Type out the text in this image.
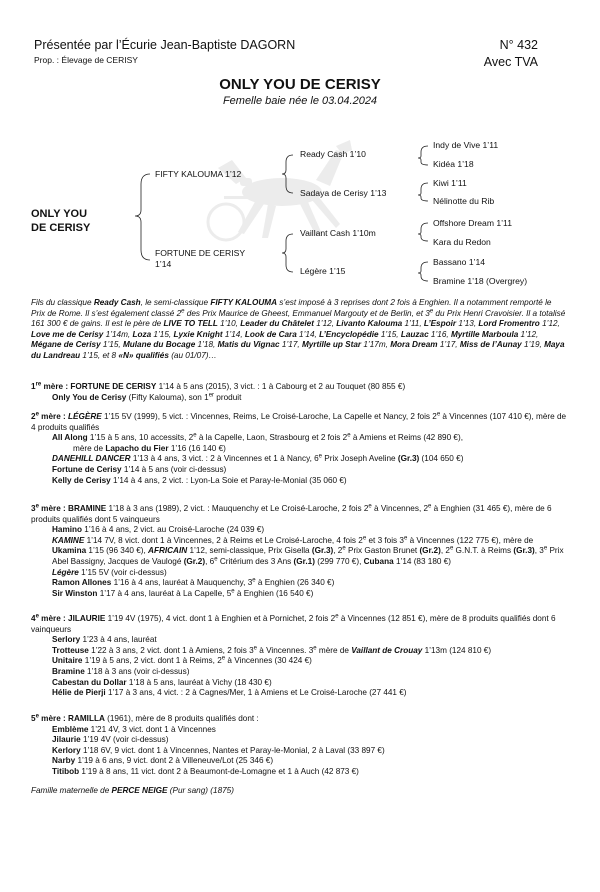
Présentée par l’Écurie Jean-Baptiste DAGORN
Prop. : Élevage de CERISY
N° 432
Avec TVA
ONLY YOU DE CERISY
Femelle baie née le 03.04.2024
ONLY YOU
DE CERISY
FIFTY KALOUMA 1’12
FORTUNE DE CERISY
1’14
Ready Cash 1’10
Sadaya de Cerisy 1’13
Vaillant Cash 1’10m
Légère 1’15
Indy de Vive 1’11
Kidéa 1’18
Kiwi 1’11
Nélinotte du Rib
Offshore Dream 1’11
Kara du Redon
Bassano 1’14
Bramine 1’18 (Overgrey)
Fils du classique Ready Cash, le semi-classique FIFTY KALOUMA s’est imposé à 3 reprises dont 2 fois à Enghien. Il a notamment remporté le Prix de Rome. Il s’est également classé 2e des Prix Maurice de Gheest, Emmanuel Margouty et de Berlin, et 3e du Prix Henri Cravoisier. Il a totalisé 161 300 € de gains. Il est le père de LIVE TO TELL 1’10, Leader du Châtelet 1’12, Livanto Kalouma 1’11, L’Espoir 1’13, Lord Fromentro 1’12, Love me de Cerisy 1’14m, Loza 1’15, Lyxie Knight 1’14, Look de Cara 1’14, L’Encyclopédie 1’15, Lauzac 1’16, Myrtille Marboula 1’12, Mégane de Cerisy 1’15, Mulane du Bocage 1’18, Matis du Vignac 1’17, Myrtille up Star 1’17m, Mora Dream 1’17, Miss de l’Aunay 1’19, Maya du Landreau 1’15, et 8 «N» qualifiés (au 01/07)…

1re mère : FORTUNE DE CERISY 1’14 à 5 ans (2015), 3 vict. : 1 à Cabourg et 2 au Touquet (80 855 €)

Only You de Cerisy (Fifty Kalouma), son 1er produit

2e mère : LÉGÈRE 1’15 5V (1999), 5 vict. : Vincennes, Reims, Le Croisé-Laroche, La Capelle et Nancy, 2 fois 2e à Vincennes (107 410 €), mère de 4 produits qualifiés

All Along 1’15 à 5 ans, 10 accessits, 2e à la Capelle, Laon, Strasbourg et 2 fois 2e à Amiens et Reims (42 890 €),

mère de Lapacho du Fier 1’16 (16 140 €)

DANEHILL DANCER 1’13 à 4 ans, 3 vict. : 2 à Vincennes et 1 à Nancy, 6e Prix Joseph Aveline (Gr.3) (104 650 €)

Fortune de Cerisy 1’14 à 5 ans (voir ci-dessus)

Kelly de Cerisy 1’14 à 4 ans, 2 vict. : Lyon-La Soie et Paray-le-Monial (35 060 €)

3e mère : BRAMINE 1’18 à 3 ans (1989), 2 vict. : Mauquenchy et Le Croisé-Laroche, 2 fois 2e à Vincennes, 2e à Enghien (31 465 €), mère de 6 produits qualifiés dont 5 vainqueurs

Hamino 1’16 à 4 ans, 2 vict. au Croisé-Laroche (24 039 €)

KAMINE 1’14 7V, 8 vict. dont 1 à Vincennes, 2 à Reims et Le Croisé-Laroche, 4 fois 2e et 3 fois 3e à Vincennes (122 775 €), mère de Ukamina 1’15 (96 340 €), AFRICAIN 1’12, semi-classique, Prix Gisella (Gr.3), 2e Prix Gaston Brunet (Gr.2), 2e G.N.T. à Reims (Gr.3), 3e Prix Abel Bassigny, Jacques de Vaulogé (Gr.2), 6e Critérium des 3 Ans (Gr.1) (299 770 €), Cubana 1’14 (83 180 €)

Légère 1’15 5V (voir ci-dessus)

Ramon Allones 1’16 à 4 ans, lauréat à Mauquenchy, 3e à Enghien (26 340 €)

Sir Winston 1’17 à 4 ans, lauréat à La Capelle, 5e à Enghien (16 540 €)

4e mère : JILAURIE 1’19 4V (1975), 4 vict. dont 1 à Enghien et à Pornichet, 2 fois 2e à Vincennes (12 851 €), mère de 8 produits qualifiés dont 6 vainqueurs

Serlory 1’23 à 4 ans, lauréat

Trotteuse 1’22 à 3 ans, 2 vict. dont 1 à Amiens, 2 fois 3e à Vincennes. 3e mère de Vaillant de Crouay 1’13m (124 810 €)

Unitaire 1’19 à 5 ans, 2 vict. dont 1 à Reims, 2e à Vincennes (30 424 €)

Bramine 1’18 à 3 ans (voir ci-dessus)

Cabestan du Dollar 1’18 à 5 ans, lauréat à Vichy (18 430 €)

Hélie de Pierji 1’17 à 3 ans, 4 vict. : 2 à Cagnes/Mer, 1 à Amiens et Le Croisé-Laroche (27 441 €)

5e mère : RAMILLA (1961), mère de 8 produits qualifiés dont :

Emblème 1’21 4V, 3 vict. dont 1 à Vincennes

Jilaurie 1’19 4V (voir ci-dessus)

Kerlory 1’18 6V, 9 vict. dont 1 à Vincennes, Nantes et Paray-le-Monial, 2 à Laval (33 897 €)

Narby 1’19 à 6 ans, 9 vict. dont 2 à Villeneuve/Lot (25 346 €)

Titibob 1’19 à 8 ans, 11 vict. dont 2 à Beaumont-de-Lomagne et 1 à Auch (42 873 €)

Famille maternelle de PERCE NEIGE (Pur sang) (1875)
